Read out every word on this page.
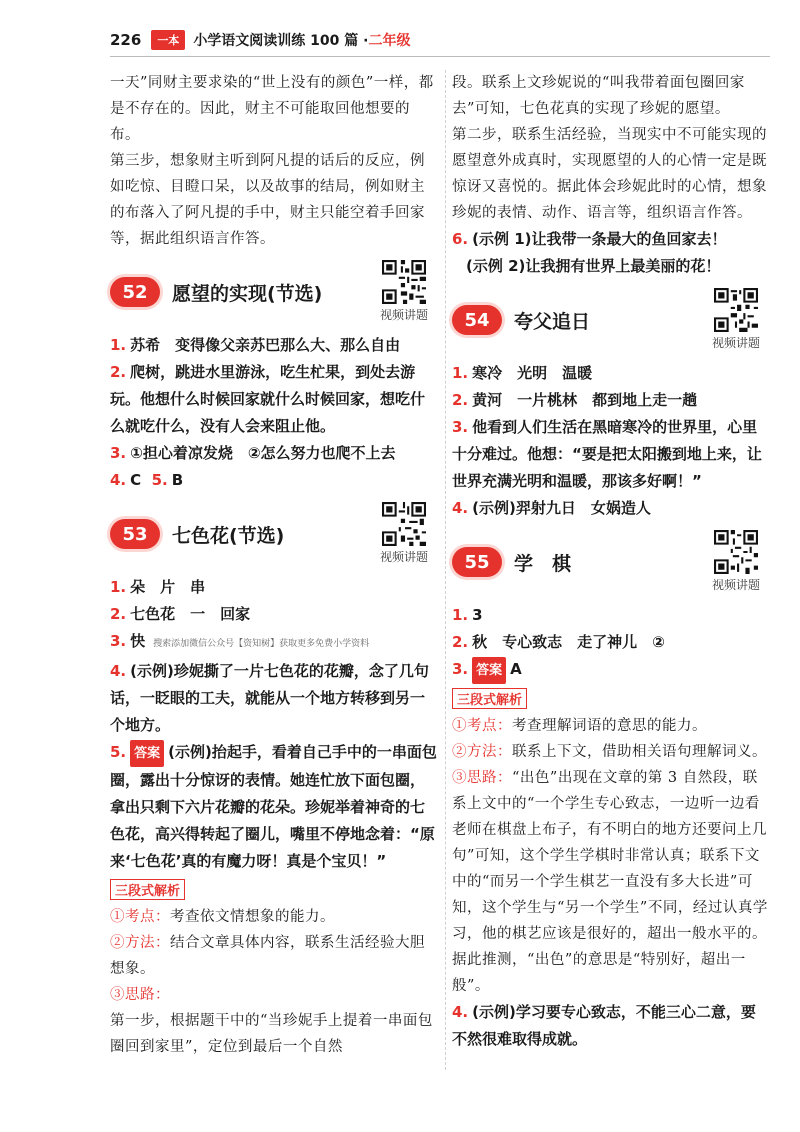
226	一本	小学语文阅读训练 100 篇 · 二年级

一天”同财主要求染的“世上没有的颜色”一样，都是不存在的。因此，财主不可能取回他想要的布。

第三步，想象财主听到阿凡提的话后的反应，例如吃惊、目瞪口呆，以及故事的结局，例如财主的布落入了阿凡提的手中，财主只能空着手回家等，据此组织语言作答。

52	愿望的实现(节选)
视频讲题

1. 苏希　变得像父亲苏巴那么大、那么自由

2. 爬树，跳进水里游泳，吃生杧果，到处去游玩。他想什么时候回家就什么时候回家，想吃什么就吃什么，没有人会来阻止他。

3. ①担心着凉发烧　②怎么努力也爬不上去

4. C 5. B

53	七色花(节选)
视频讲题

1. 朵　片　串

2. 七色花　一　回家

3. 快 搜索添加微信公众号【资知树】获取更多免费小学资料

4. (示例)珍妮撕了一片七色花的花瓣，念了几句话，一眨眼的工夫，就能从一个地方转移到另一个地方。

5. 答案 (示例)抬起手，看着自己手中的一串面包圈，露出十分惊讶的表情。她连忙放下面包圈，拿出只剩下六片花瓣的花朵。珍妮举着神奇的七色花，高兴得转起了圈儿，嘴里不停地念着：“原来‘七色花’真的有魔力呀！真是个宝贝！”

三段式解析

①考点：考查依文情想象的能力。

②方法：结合文章具体内容，联系生活经验大胆想象。

③思路：

第一步，根据题干中的“当珍妮手上提着一串面包圈回到家里”，定位到最后一个自然

段。联系上文珍妮说的“叫我带着面包圈回家去”可知，七色花真的实现了珍妮的愿望。

第二步，联系生活经验，当现实中不可能实现的愿望意外成真时，实现愿望的人的心情一定是既惊讶又喜悦的。据此体会珍妮此时的心情，想象珍妮的表情、动作、语言等，组织语言作答。

6. (示例 1)让我带一条最大的鱼回家去！

(示例 2)让我拥有世界上最美丽的花！

54	夸父追日
视频讲题

1. 寒冷　光明　温暖

2. 黄河　一片桃林　都到地上走一趟

3. 他看到人们生活在黑暗寒冷的世界里，心里十分难过。他想：“要是把太阳搬到地上来，让世界充满光明和温暖，那该多好啊！”

4. (示例)羿射九日　女娲造人

55	学　棋
视频讲题

1. 3

2. 秋　专心致志　走了神儿　②

3. 答案 A

三段式解析

①考点：考查理解词语的意思的能力。

②方法：联系上下文，借助相关语句理解词义。

③思路：“出色”出现在文章的第 3 自然段，联系上文中的“一个学生专心致志，一边听一边看老师在棋盘上布子，有不明白的地方还要问上几句”可知，这个学生学棋时非常认真；联系下文中的“而另一个学生棋艺一直没有多大长进”可知，这个学生与“另一个学生”不同，经过认真学习，他的棋艺应该是很好的，超出一般水平的。据此推测，“出色”的意思是“特别好，超出一般”。

4. (示例)学习要专心致志，不能三心二意，要不然很难取得成就。
